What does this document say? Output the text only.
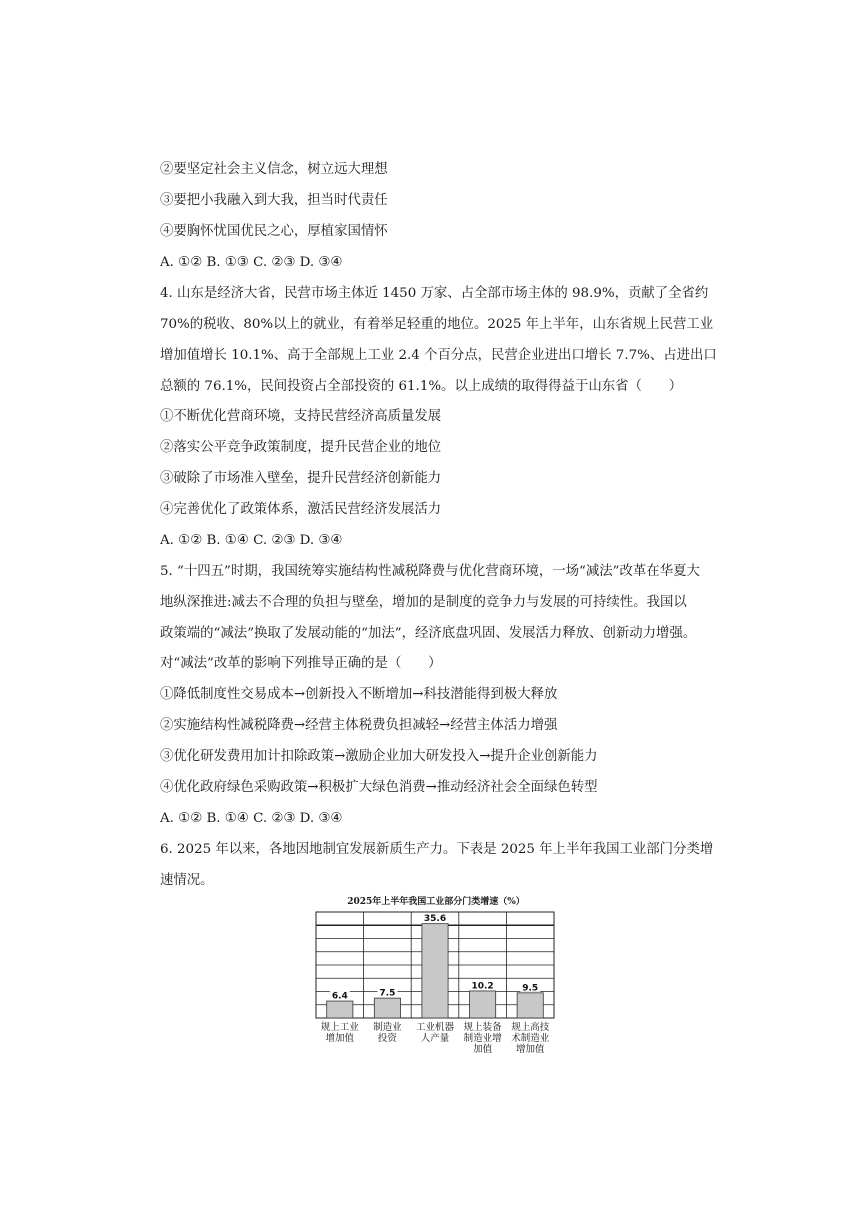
②要坚定社会主义信念，树立远大理想
③要把小我融入到大我，担当时代责任
④要胸怀忧国优民之心，厚植家国情怀
A. ①② B. ①③ C. ②③ D. ③④
4. 山东是经济大省，民营市场主体近 1450 万家、占全部市场主体的 98.9%，贡献了全省约
70%的税收、80%以上的就业，有着举足轻重的地位。2025 年上半年，山东省规上民营工业
增加值增长 10.1%、高于全部规上工业 2.4 个百分点，民营企业进出口增长 7.7%、占进出口
总额的 76.1%，民间投资占全部投资的 61.1%。以上成绩的取得得益于山东省（　　）
①不断优化营商环境，支持民营经济高质量发展
②落实公平竞争政策制度，提升民营企业的地位
③破除了市场准入壁垒，提升民营经济创新能力
④完善优化了政策体系，激活民营经济发展活力
A. ①② B. ①④ C. ②③ D. ③④
5. “十四五”时期，我国统筹实施结构性减税降费与优化营商环境，一场“减法”改革在华夏大
地纵深推进:减去不合理的负担与壁垒，增加的是制度的竞争力与发展的可持续性。我国以
政策端的“减法”换取了发展动能的“加法”，经济底盘巩固、发展活力释放、创新动力增强。
对“减法”改革的影响下列推导正确的是（　　）
①降低制度性交易成本→创新投入不断增加→科技潜能得到极大释放
②实施结构性减税降费→经营主体税费负担减轻→经营主体活力增强
③优化研发费用加计扣除政策→激励企业加大研发投入→提升企业创新能力
④优化政府绿色采购政策→积极扩大绿色消费→推动经济社会全面绿色转型
A. ①② B. ①④ C. ②③ D. ③④
6. 2025 年以来，各地因地制宜发展新质生产力。下表是 2025 年上半年我国工业部门分类增
速情况。
2025年上半年我国工业部分门类增速（%）
6.4
规上工业
增加值
7.5
制造业
投资
35.6
工业机器
人产量
10.2
规上装备
制造业增
加值
9.5
规上高技
术制造业
增加值
